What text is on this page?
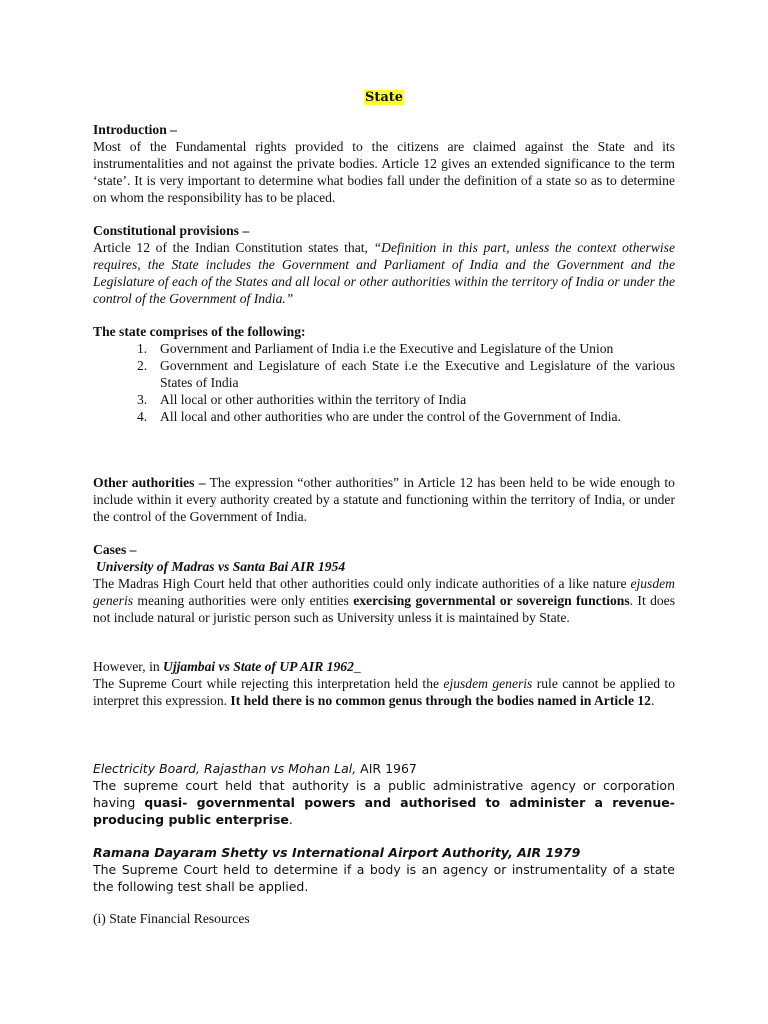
State
Introduction –
Most of the Fundamental rights provided to the citizens are claimed against the State and its instrumentalities and not against the private bodies. Article 12 gives an extended significance to the term ‘state’. It is very important to determine what bodies fall under the definition of a state so as to determine on whom the responsibility has to be placed.
Constitutional provisions –
Article 12 of the Indian Constitution states that, “Definition in this part, unless the context otherwise requires, the State includes the Government and Parliament of India and the Government and the Legislature of each of the States and all local or other authorities within the territory of India or under the control of the Government of India.”
The state comprises of the following:
1. Government and Parliament of India i.e the Executive and Legislature of the Union
2. Government and Legislature of each State i.e the Executive and Legislature of the various States of India
3. All local or other authorities within the territory of India
4. All local and other authorities who are under the control of the Government of India.
Other authorities – The expression “other authorities” in Article 12 has been held to be wide enough to include within it every authority created by a statute and functioning within the territory of India, or under the control of the Government of India.
Cases –
University of Madras vs Santa Bai AIR 1954
The Madras High Court held that other authorities could only indicate authorities of a like nature ejusdem generis meaning authorities were only entities exercising governmental or sovereign functions. It does not include natural or juristic person such as University unless it is maintained by State.
However, in Ujjambai vs State of UP AIR 1962_
The Supreme Court while rejecting this interpretation held the ejusdem generis rule cannot be applied to interpret this expression. It held there is no common genus through the bodies named in Article 12.
Electricity Board, Rajasthan vs Mohan Lal, AIR 1967
The supreme court held that authority is a public administrative agency or corporation having quasi- governmental powers and authorised to administer a revenue- producing public enterprise.
Ramana Dayaram Shetty vs International Airport Authority, AIR 1979
The Supreme Court held to determine if a body is an agency or instrumentality of a state the following test shall be applied.
(i) State Financial Resources
